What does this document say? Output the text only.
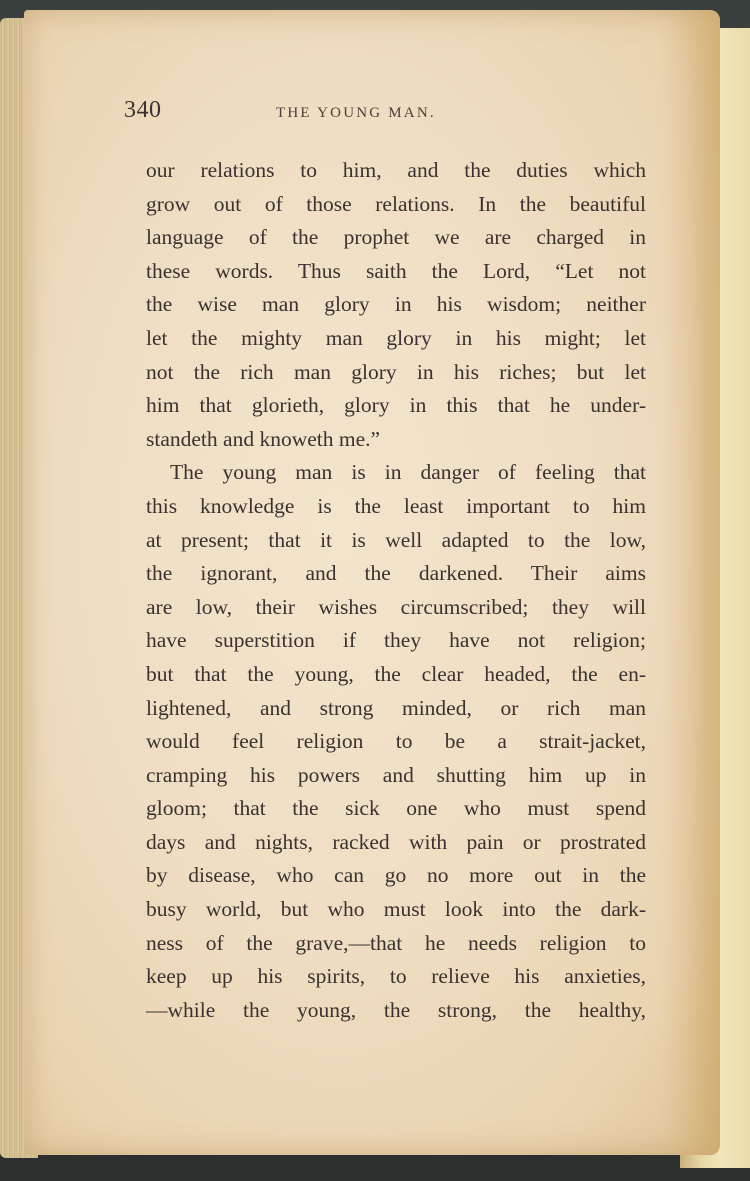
340	THE YOUNG MAN.
our relations to him, and the duties which
grow out of those relations. In the beautiful
language of the prophet we are charged in
these words. Thus saith the Lord, “Let not
the wise man glory in his wisdom; neither
let the mighty man glory in his might; let
not the rich man glory in his riches; but let
him that glorieth, glory in this that he under-
standeth and knoweth me.”
The young man is in danger of feeling that
this knowledge is the least important to him
at present; that it is well adapted to the low,
the ignorant, and the darkened. Their aims
are low, their wishes circumscribed; they will
have superstition if they have not religion;
but that the young, the clear headed, the en-
lightened, and strong minded, or rich man
would feel religion to be a strait-jacket,
cramping his powers and shutting him up in
gloom; that the sick one who must spend
days and nights, racked with pain or prostrated
by disease, who can go no more out in the
busy world, but who must look into the dark-
ness of the grave,—that he needs religion to
keep up his spirits, to relieve his anxieties,
—while the young, the strong, the healthy,
